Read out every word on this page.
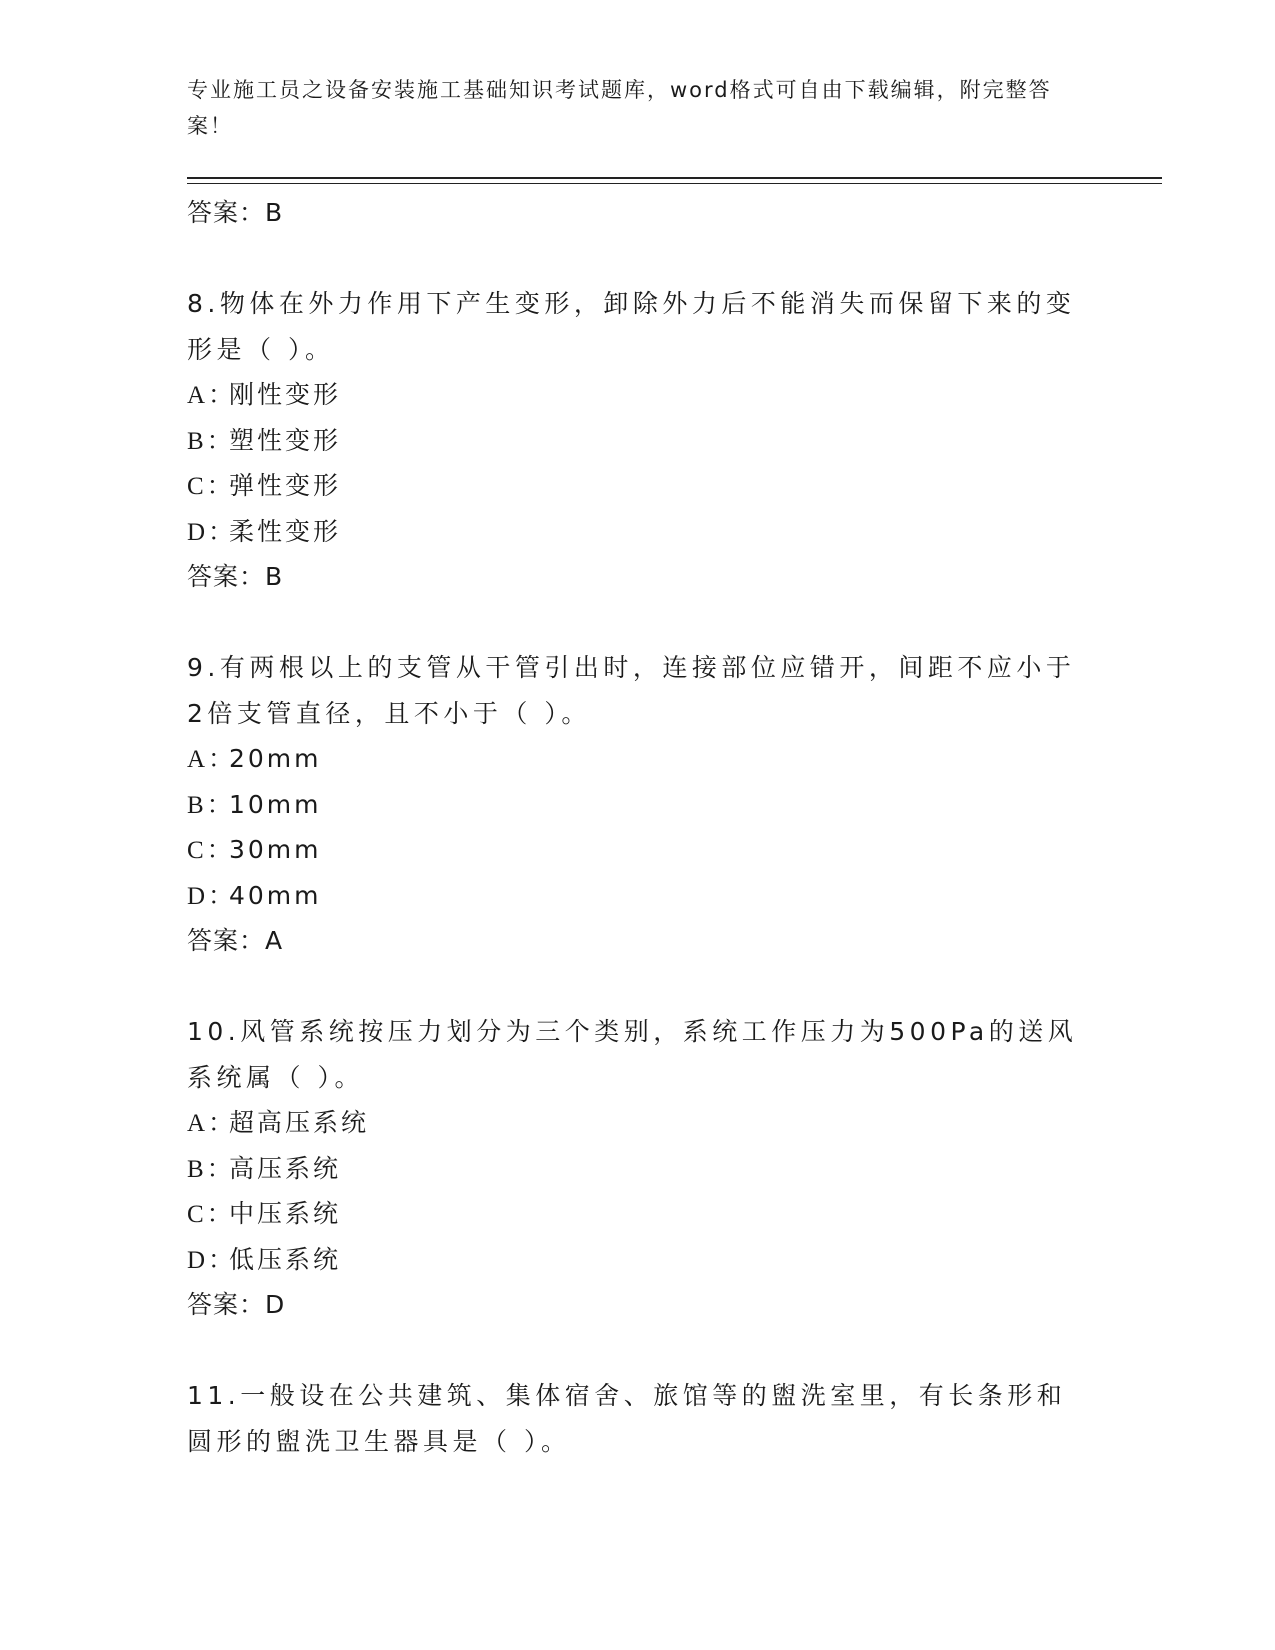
专业施工员之设备安装施工基础知识考试题库，word格式可自由下载编辑，附完整答案！
答案：B

8.物体在外力作用下产生变形，卸除外力后不能消失而保留下来的变形是（ ）。

A：刚性变形
B：塑性变形
C：弹性变形
D：柔性变形
答案：B

9.有两根以上的支管从干管引出时，连接部位应错开，间距不应小于2倍支管直径，且不小于（ ）。

A：20mm
B：10mm
C：30mm
D：40mm
答案：A

10.风管系统按压力划分为三个类别，系统工作压力为500Pa的送风系统属（ ）。

A：超高压系统
B：高压系统
C：中压系统
D：低压系统
答案：D

11.一般设在公共建筑、集体宿舍、旅馆等的盥洗室里，有长条形和圆形的盥洗卫生器具是（ ）。
